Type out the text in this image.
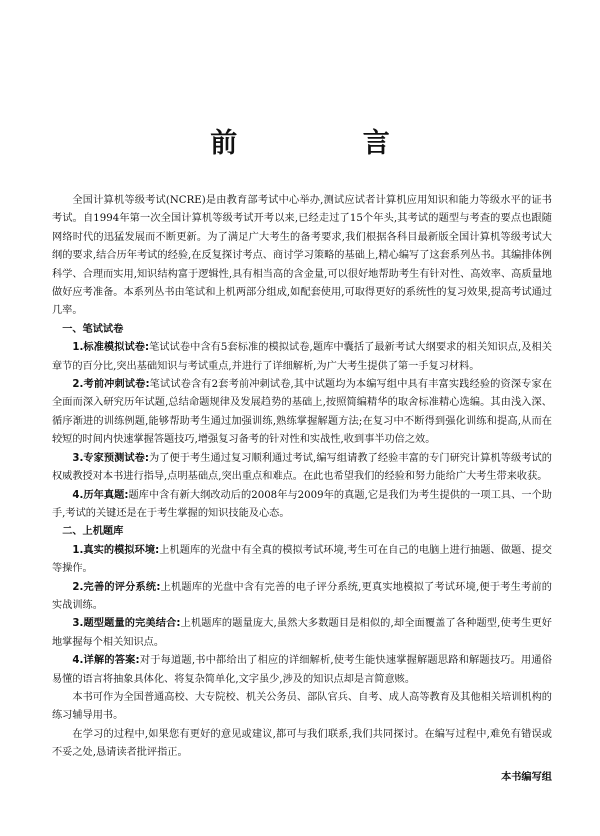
前 言

全国计算机等级考试(NCRE)是由教育部考试中心举办,测试应试者计算机应用知识和能力等级水平的证书考试。自1994年第一次全国计算机等级考试开考以来,已经走过了15个年头,其考试的题型与考查的要点也跟随网络时代的迅猛发展而不断更新。为了满足广大考生的备考要求,我们根据各科目最新版全国计算机等级考试大纲的要求,结合历年考试的经验,在反复探讨考点、商讨学习策略的基础上,精心编写了这套系列丛书。其编排体例科学、合理而实用,知识结构富于逻辑性,具有相当高的含金量,可以很好地帮助考生有针对性、高效率、高质量地做好应考准备。本系列丛书由笔试和上机两部分组成,如配套使用,可取得更好的系统性的复习效果,提高考试通过几率。

一、笔试试卷

1.标准模拟试卷:笔试试卷中含有5套标准的模拟试卷,题库中囊括了最新考试大纲要求的相关知识点,及相关章节的百分比,突出基础知识与考试重点,并进行了详细解析,为广大考生提供了第一手复习材料。

2.考前冲刺试卷:笔试试卷含有2套考前冲刺试卷,其中试题均为本编写组中具有丰富实践经验的资深专家在全面而深入研究历年试题,总结命题规律及发展趋势的基础上,按照简编精华的取舍标准精心选编。其由浅入深、循序渐进的训练例题,能够帮助考生通过加强训练,熟练掌握解题方法;在复习中不断得到强化训练和提高,从而在较短的时间内快速掌握答题技巧,增强复习备考的针对性和实战性,收到事半功倍之效。

3.专家预测试卷:为了便于考生通过复习顺利通过考试,编写组请教了经验丰富的专门研究计算机等级考试的权威教授对本书进行指导,点明基础点,突出重点和难点。在此也希望我们的经验和努力能给广大考生带来收获。

4.历年真题:题库中含有新大纲改动后的2008年与2009年的真题,它是我们为考生提供的一项工具、一个助手,考试的关键还是在于考生掌握的知识技能及心态。

二、上机题库

1.真实的模拟环境:上机题库的光盘中有全真的模拟考试环境,考生可在自己的电脑上进行抽题、做题、提交等操作。

2.完善的评分系统:上机题库的光盘中含有完善的电子评分系统,更真实地模拟了考试环境,便于考生考前的实战训练。

3.题型题量的完美结合:上机题库的题量庞大,虽然大多数题目是相似的,却全面覆盖了各种题型,使考生更好地掌握每个相关知识点。

4.详解的答案:对于每道题,书中都给出了相应的详细解析,使考生能快速掌握解题思路和解题技巧。用通俗易懂的语言将抽象具体化、将复杂简单化,文字虽少,涉及的知识点却是言简意赅。

本书可作为全国普通高校、大专院校、机关公务员、部队官兵、自考、成人高等教育及其他相关培训机构的练习辅导用书。

在学习的过程中,如果您有更好的意见或建议,都可与我们联系,我们共同探讨。在编写过程中,难免有错误或不妥之处,恳请读者批评指正。

本书编写组
